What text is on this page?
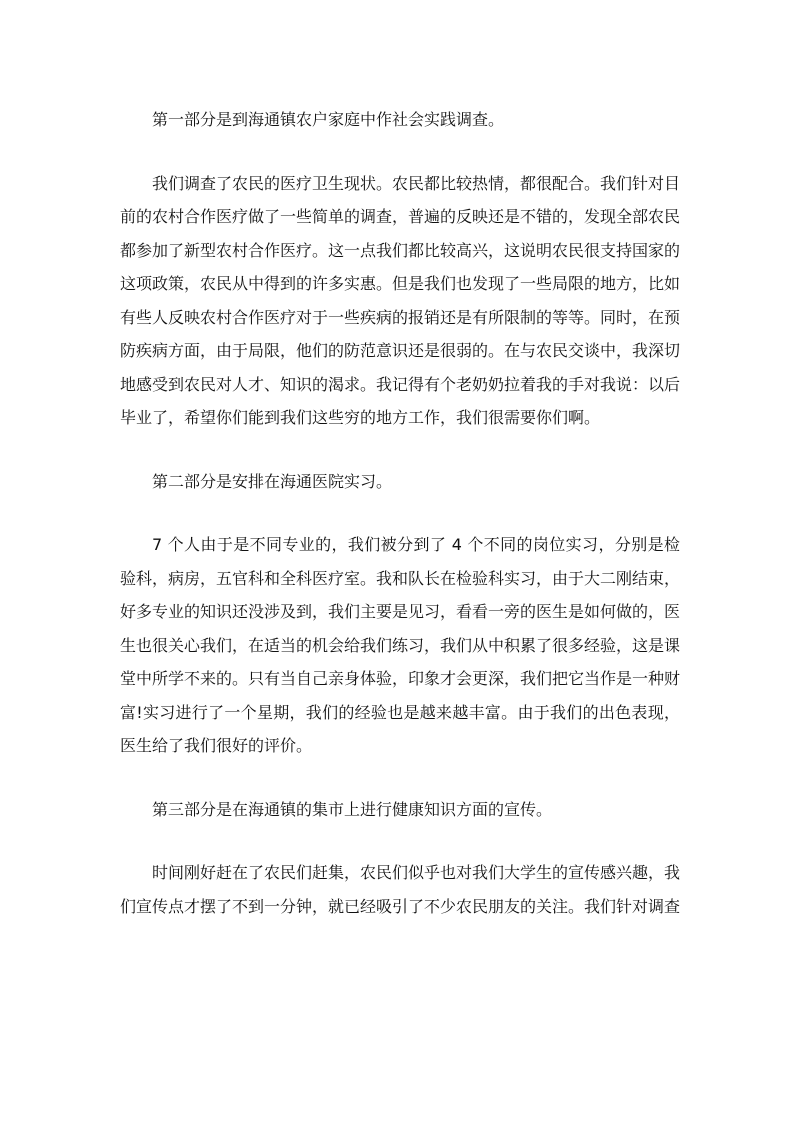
第一部分是到海通镇农户家庭中作社会实践调查。

我们调查了农民的医疗卫生现状。农民都比较热情，都很配合。我们针对目前的农村合作医疗做了一些简单的调查，普遍的反映还是不错的，发现全部农民都参加了新型农村合作医疗。这一点我们都比较高兴，这说明农民很支持国家的这项政策，农民从中得到的许多实惠。但是我们也发现了一些局限的地方，比如有些人反映农村合作医疗对于一些疾病的报销还是有所限制的等等。同时，在预防疾病方面，由于局限，他们的防范意识还是很弱的。在与农民交谈中，我深切地感受到农民对人才、知识的渴求。我记得有个老奶奶拉着我的手对我说：以后毕业了，希望你们能到我们这些穷的地方工作，我们很需要你们啊。

第二部分是安排在海通医院实习。

7 个人由于是不同专业的，我们被分到了 4 个不同的岗位实习，分别是检验科，病房，五官科和全科医疗室。我和队长在检验科实习，由于大二刚结束，好多专业的知识还没涉及到，我们主要是见习，看看一旁的医生是如何做的，医生也很关心我们，在适当的机会给我们练习，我们从中积累了很多经验，这是课堂中所学不来的。只有当自己亲身体验，印象才会更深，我们把它当作是一种财富!实习进行了一个星期，我们的经验也是越来越丰富。由于我们的出色表现，医生给了我们很好的评价。

第三部分是在海通镇的集市上进行健康知识方面的宣传。

时间刚好赶在了农民们赶集，农民们似乎也对我们大学生的宣传感兴趣，我们宣传点才摆了不到一分钟，就已经吸引了不少农民朋友的关注。我们针对调查
